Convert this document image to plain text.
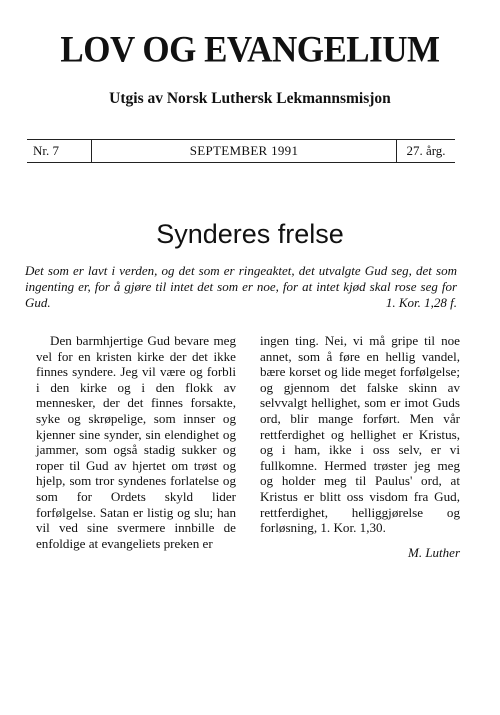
LOV OG EVANGELIUM
Utgis av Norsk Luthersk Lekmannsmisjon
Nr. 7	SEPTEMBER 1991	27. årg.
Synderes frelse
Det som er lavt i verden, og det som er ringeaktet, det utvalgte Gud seg, det som ingenting er, for å gjøre til intet det som er noe, for at intet kjød skal rose seg for Gud.	1. Kor. 1,28 f.

Den barmhjertige Gud bevare meg vel for en kristen kirke der det ikke finnes syndere. Jeg vil være og forbli i den kirke og i den flokk av mennesker, der det finnes forsakte, syke og skrøpelige, som innser og kjenner sine synder, sin elendighet og jammer, som også stadig sukker og roper til Gud av hjertet om trøst og hjelp, som tror syndenes forlatelse og som for Ordets skyld lider forfølgelse. Satan er listig og slu; han vil ved sine svermere innbille de enfoldige at evangeliets preken er

ingen ting. Nei, vi må gripe til noe annet, som å føre en hellig vandel, bære korset og lide meget forfølgelse; og gjennom det falske skinn av selvvalgt hellighet, som er imot Guds ord, blir mange forført. Men vår rettferdighet og hellighet er Kristus, og i ham, ikke i oss selv, er vi fullkomne. Hermed trøster jeg meg og holder meg til Paulus' ord, at Kristus er blitt oss visdom fra Gud, rettferdighet, helliggjørelse og forløsning, 1. Kor. 1,30.

M. Luther
